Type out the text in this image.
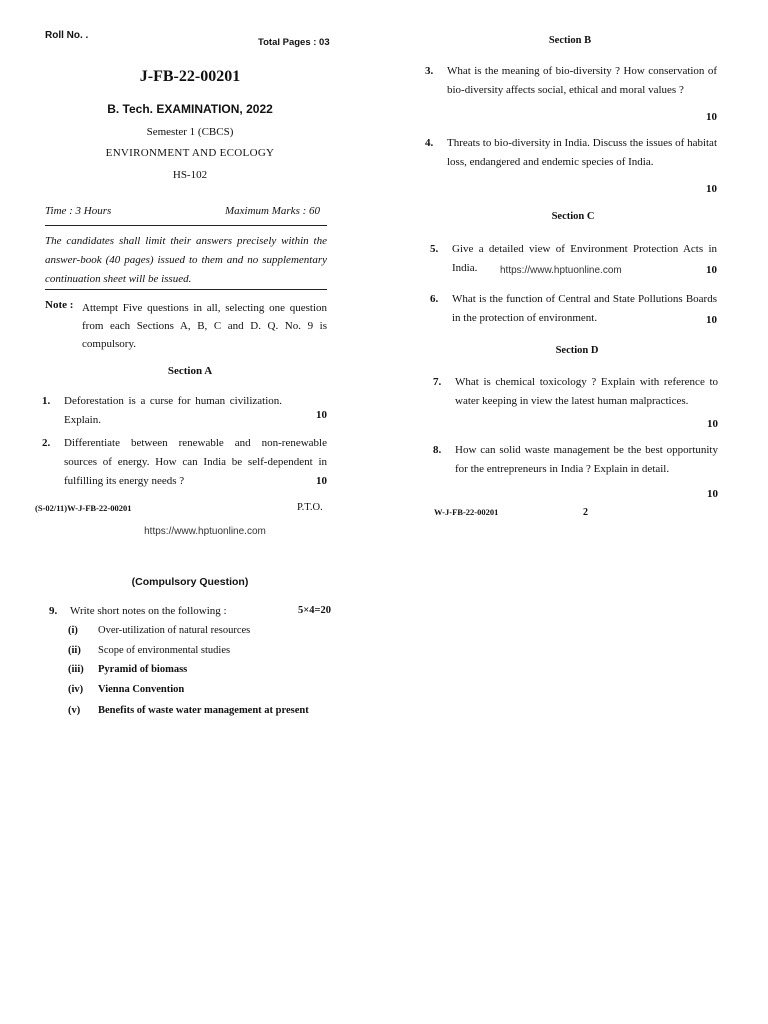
Roll No. .
Total Pages : 03
J-FB-22-00201
B. Tech. EXAMINATION, 2022
Semester 1 (CBCS)
ENVIRONMENT AND ECOLOGY
HS-102
Time : 3 Hours	Maximum Marks : 60
The candidates shall limit their answers precisely within the answer-book (40 pages) issued to them and no supplementary continuation sheet will be issued.
Note : Attempt Five questions in all, selecting one question from each Sections A, B, C and D. Q. No. 9 is compulsory.
Section A
1. Deforestation is a curse for human civilization. Explain.	10
2. Differentiate between renewable and non-renewable sources of energy. How can India be self-dependent in fulfilling its energy needs ?	10
(S-02/11)W-J-FB-22-00201	P.T.O.
https://www.hptuonline.com
(Compulsory Question)
9. Write short notes on the following :	5×4=20
(i) Over-utilization of natural resources
(ii) Scope of environmental studies
(iii) Pyramid of biomass
(iv) Vienna Convention
(v) Benefits of waste water management at present
Section B
3. What is the meaning of bio-diversity ? How conservation of bio-diversity affects social, ethical and moral values ?
10
4. Threats to bio-diversity in India. Discuss the issues of habitat loss, endangered and endemic species of India.
10
Section C
5. Give a detailed view of Environment Protection Acts in India.	https://www.hptuonline.com	10
6. What is the function of Central and State Pollutions Boards in the protection of environment.	10
Section D
7. What is chemical toxicology ? Explain with reference to water keeping in view the latest human malpractices.
10
8. How can solid waste management be the best opportunity for the entrepreneurs in India ? Explain in detail.
10
W-J-FB-22-00201	2
